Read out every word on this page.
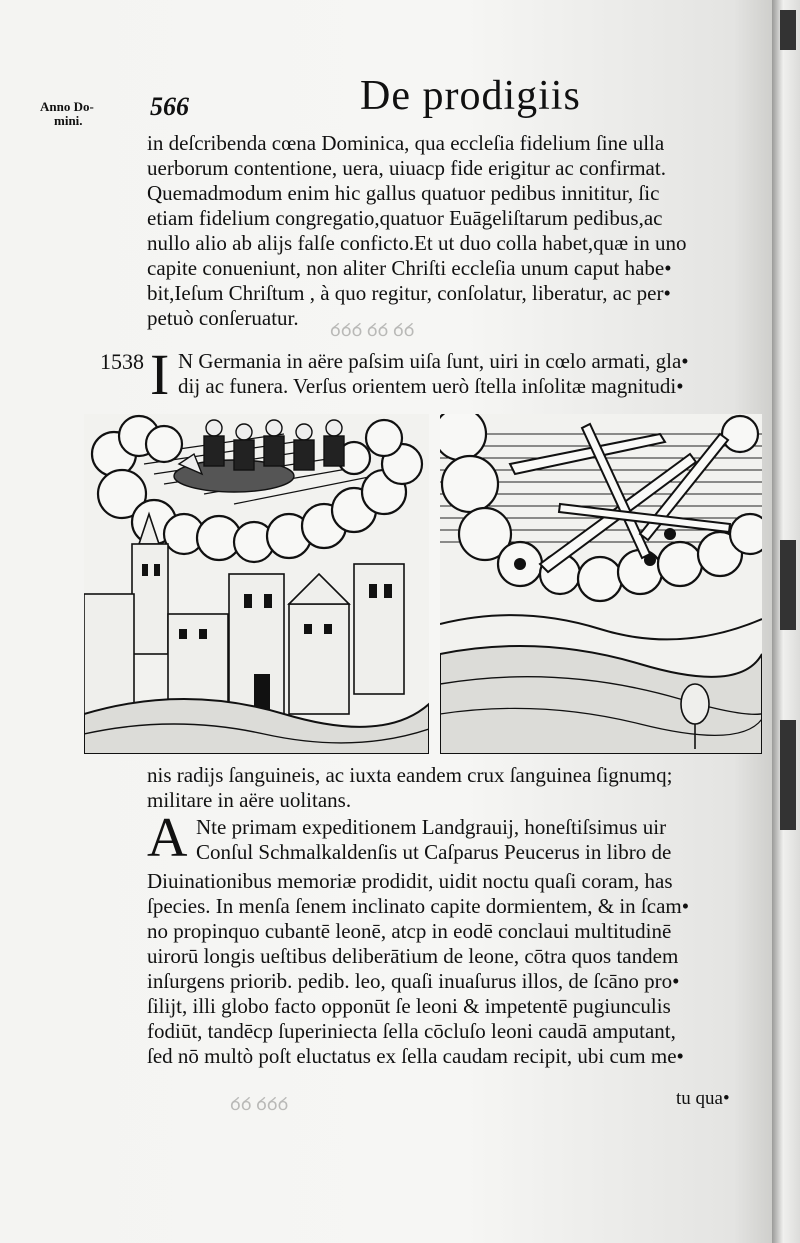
ꝺꝺ ꝺꝺ ꝺꝺꝺ
ꝺꝺꝺ ꝺꝺ
Anno Do-
mini.	566	De prodigiis
in deſcribenda cœna Dominica, qua eccleſia fidelium ſine ulla
uerborum contentione, uera, uiuacp fide erigitur ac confirmat.
Quemadmodum enim hic gallus quatuor pedibus innititur, ſic
etiam fidelium congregatio,quatuor Euāgeliſtarum pedibus,ac
nullo alio ab alijs falſe conficto.Et ut duo colla habet,quæ in uno
capite conueniunt, non aliter Chriſti eccleſia unum caput habe•
bit,Ieſum Chriſtum , à quo regitur, conſolatur, liberatur, ac per•
petuò conſeruatur.
1538 I N Germania in aëre paſsim uiſa ſunt, uiri in cœlo armati, gla•
dij ac funera. Verſus orientem uerò ſtella inſolitæ magnitudi•
nis radijs ſanguineis, ac iuxta eandem crux ſanguinea ſignumq;
militare in aëre uolitans.
A Nte primam expeditionem Landgrauij, honeſtiſsimus uir
Conſul Schmalkaldenſis ut Caſparus Peucerus in libro de
Diuinationibus memoriæ prodidit, uidit noctu quaſi coram, has
ſpecies. In menſa ſenem inclinato capite dormientem, & in ſcam•
no propinquo cubantē leonē, atcp in eodē conclaui multitudinē
uirorū longis ueſtibus deliberātium de leone, cōtra quos tandem
inſurgens priorib. pedib. leo, quaſi inuaſurus illos, de ſcāno pro•
ſilijt, illi globo facto opponūt ſe leoni & impetentē pugiunculis
fodiūt, tandēcp ſuperiniecta ſella cōcluſo leoni caudā amputant,
ſed nō multò poſt eluctatus ex ſella caudam recipit, ubi cum me•
tu qua•
